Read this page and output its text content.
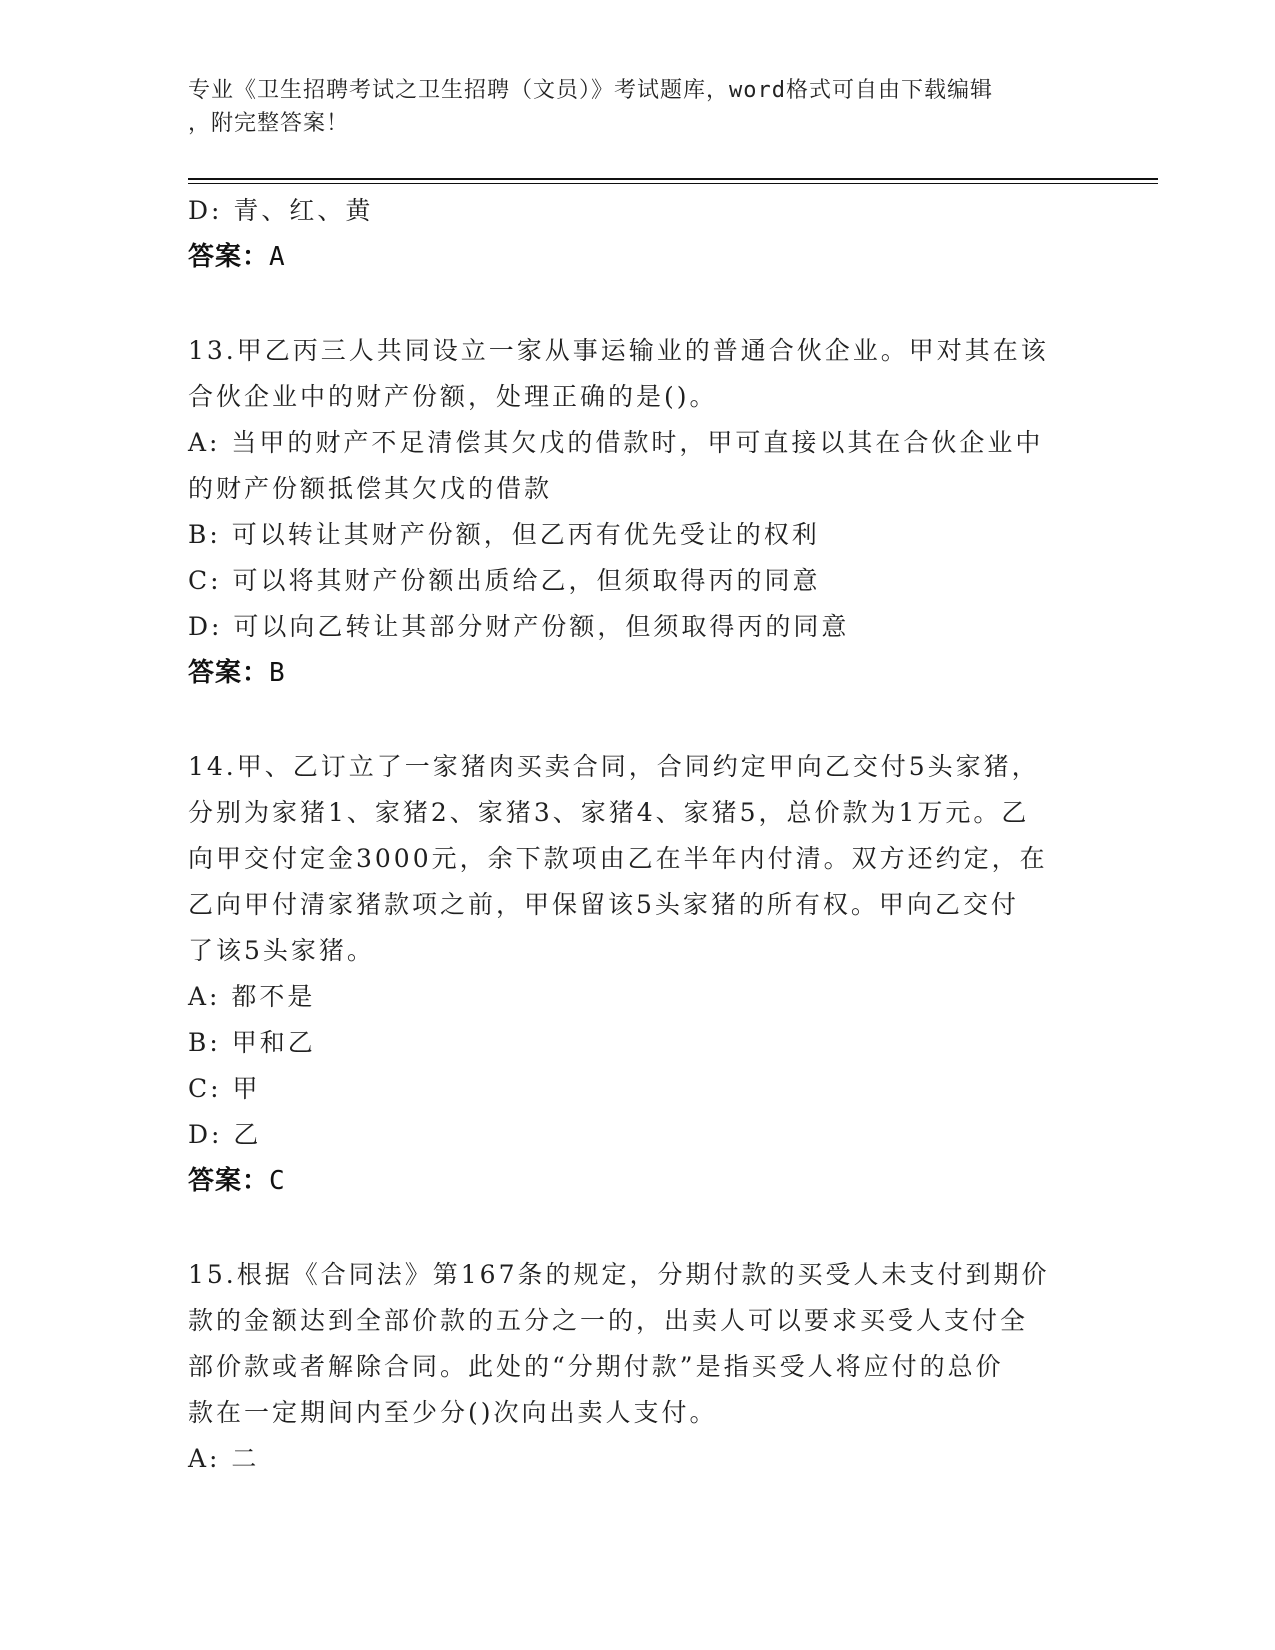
专业《卫生招聘考试之卫生招聘（文员）》考试题库，word格式可自由下载编辑
，附完整答案！
D: 青、红、黄
答案：A
13.甲乙丙三人共同设立一家从事运输业的普通合伙企业。甲对其在该
合伙企业中的财产份额，处理正确的是()。
A: 当甲的财产不足清偿其欠戊的借款时，甲可直接以其在合伙企业中
的财产份额抵偿其欠戊的借款
B: 可以转让其财产份额，但乙丙有优先受让的权利
C: 可以将其财产份额出质给乙，但须取得丙的同意
D: 可以向乙转让其部分财产份额，但须取得丙的同意
答案：B
14.甲、乙订立了一家猪肉买卖合同，合同约定甲向乙交付5头家猪，
分别为家猪1、家猪2、家猪3、家猪4、家猪5，总价款为1万元。乙
向甲交付定金3000元，余下款项由乙在半年内付清。双方还约定，在
乙向甲付清家猪款项之前，甲保留该5头家猪的所有权。甲向乙交付
了该5头家猪。
A: 都不是
B: 甲和乙
C: 甲
D: 乙
答案：C
15.根据《合同法》第167条的规定，分期付款的买受人未支付到期价
款的金额达到全部价款的五分之一的，出卖人可以要求买受人支付全
部价款或者解除合同。此处的“分期付款”是指买受人将应付的总价
款在一定期间内至少分()次向出卖人支付。
A: 二
